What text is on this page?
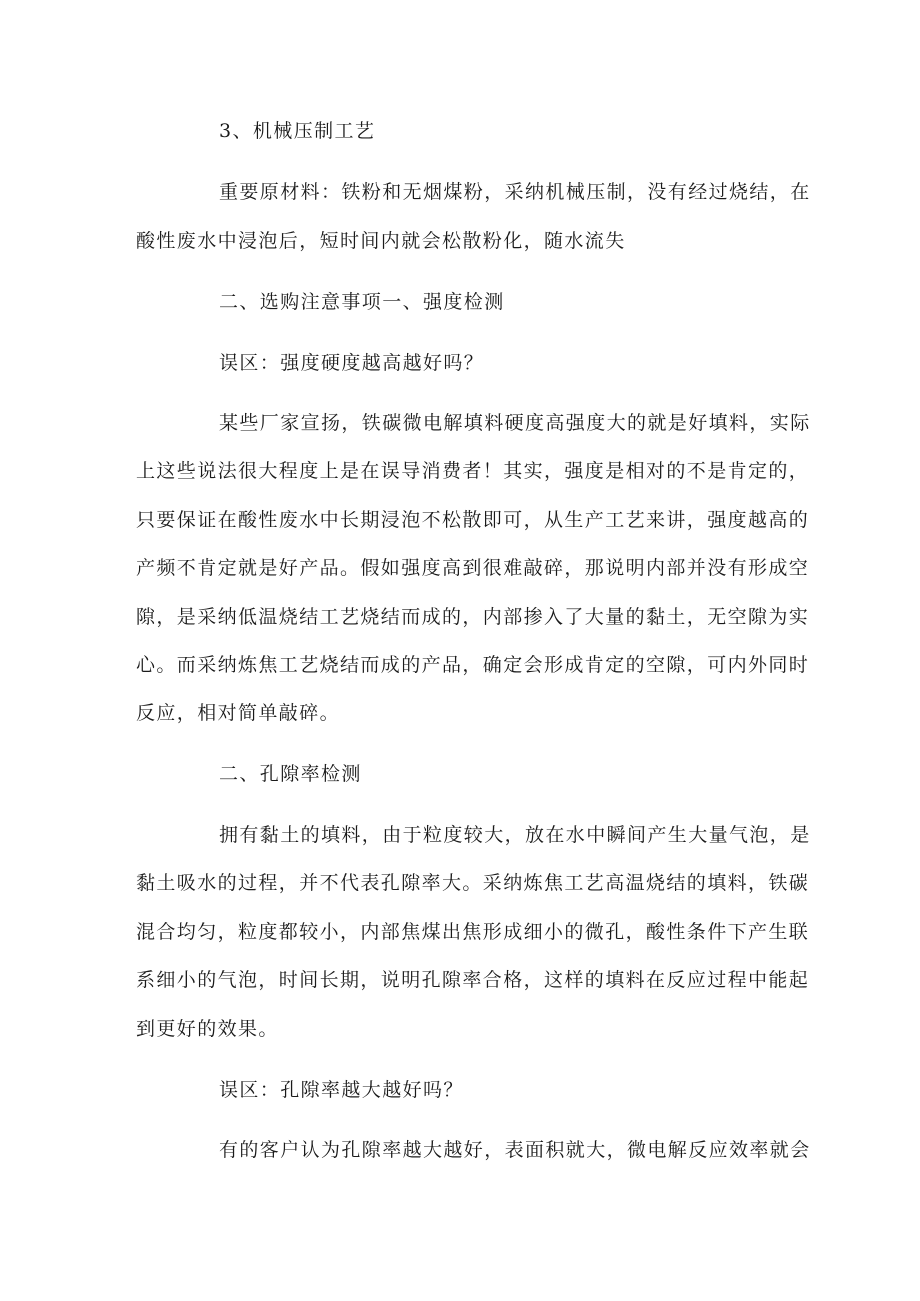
3、机械压制工艺
重要原材料：铁粉和无烟煤粉，采纳机械压制，没有经过烧结，在
酸性废水中浸泡后，短时间内就会松散粉化，随水流失
二、选购注意事项一、强度检测
误区：强度硬度越高越好吗？
某些厂家宣扬，铁碳微电解填料硬度高强度大的就是好填料，实际
上这些说法很大程度上是在误导消费者！其实，强度是相对的不是肯定的，
只要保证在酸性废水中长期浸泡不松散即可，从生产工艺来讲，强度越高的
产频不肯定就是好产品。假如强度高到很难敲碎，那说明内部并没有形成空
隙，是采纳低温烧结工艺烧结而成的，内部掺入了大量的黏土，无空隙为实
心。而采纳炼焦工艺烧结而成的产品，确定会形成肯定的空隙，可内外同时
反应，相对简单敲碎。
二、孔隙率检测
拥有黏土的填料，由于粒度较大，放在水中瞬间产生大量气泡，是
黏土吸水的过程，并不代表孔隙率大。采纳炼焦工艺高温烧结的填料，铁碳
混合均匀，粒度都较小，内部焦煤出焦形成细小的微孔，酸性条件下产生联
系细小的气泡，时间长期，说明孔隙率合格，这样的填料在反应过程中能起
到更好的效果。
误区：孔隙率越大越好吗？
有的客户认为孔隙率越大越好，表面积就大，微电解反应效率就会
